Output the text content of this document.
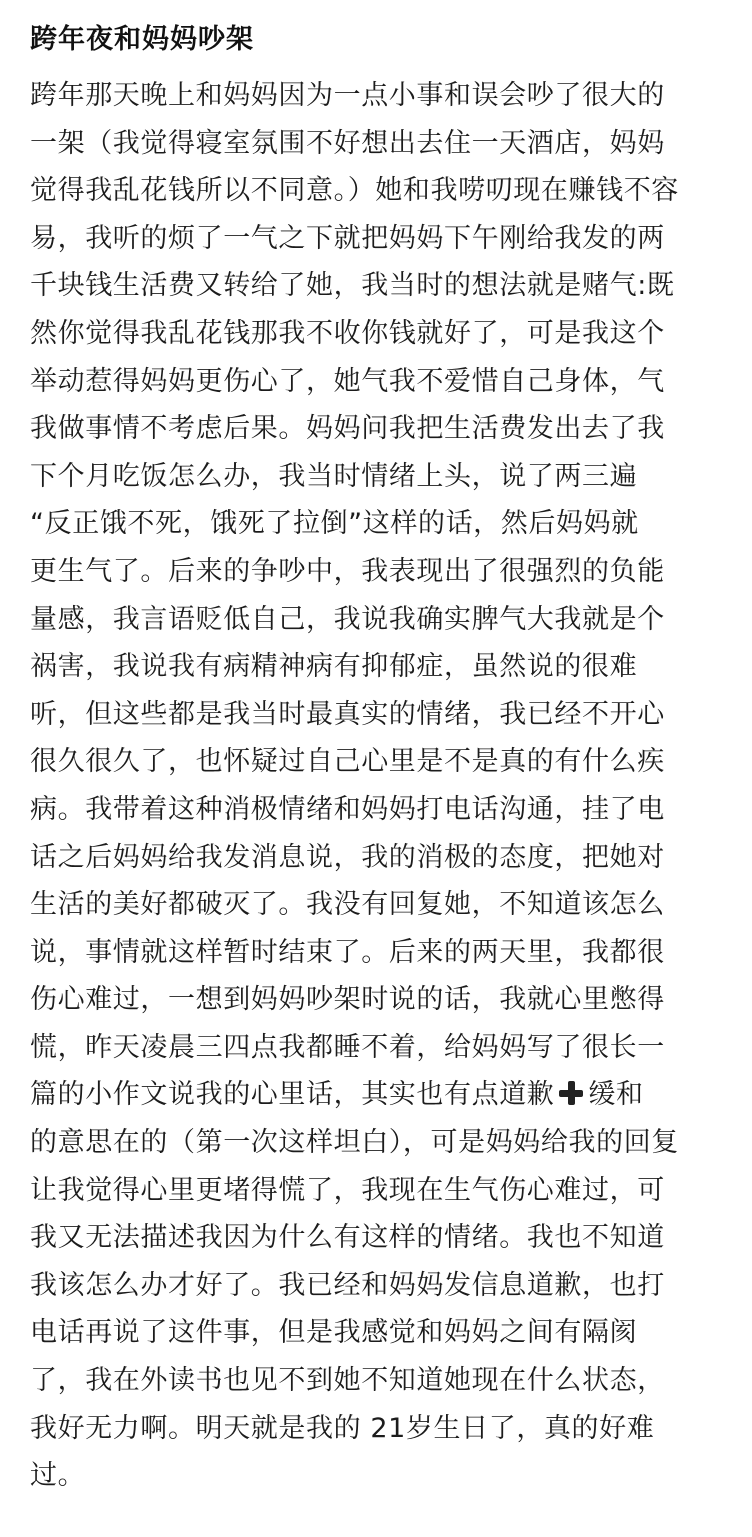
跨年夜和妈妈吵架
跨年那天晚上和妈妈因为一点小事和误会吵了很大的
一架（我觉得寝室氛围不好想出去住一天酒店，妈妈
觉得我乱花钱所以不同意。）她和我唠叨现在赚钱不容
易，我听的烦了一气之下就把妈妈下午刚给我发的两
千块钱生活费又转给了她，我当时的想法就是赌气:既
然你觉得我乱花钱那我不收你钱就好了，可是我这个
举动惹得妈妈更伤心了，她气我不爱惜自己身体，气
我做事情不考虑后果。妈妈问我把生活费发出去了我
下个月吃饭怎么办，我当时情绪上头，说了两三遍
“反正饿不死，饿死了拉倒”这样的话，然后妈妈就
更生气了。后来的争吵中，我表现出了很强烈的负能
量感，我言语贬低自己，我说我确实脾气大我就是个
祸害，我说我有病精神病有抑郁症，虽然说的很难
听，但这些都是我当时最真实的情绪，我已经不开心
很久很久了，也怀疑过自己心里是不是真的有什么疾
病。我带着这种消极情绪和妈妈打电话沟通，挂了电
话之后妈妈给我发消息说，我的消极的态度，把她对
生活的美好都破灭了。我没有回复她，不知道该怎么
说，事情就这样暂时结束了。后来的两天里，我都很
伤心难过，一想到妈妈吵架时说的话，我就心里憋得
慌，昨天凌晨三四点我都睡不着，给妈妈写了很长一
篇的小作文说我的心里话，其实也有点道歉 缓和
的意思在的（第一次这样坦白），可是妈妈给我的回复
让我觉得心里更堵得慌了，我现在生气伤心难过，可
我又无法描述我因为什么有这样的情绪。我也不知道
我该怎么办才好了。我已经和妈妈发信息道歉，也打
电话再说了这件事，但是我感觉和妈妈之间有隔阂
了，我在外读书也见不到她不知道她现在什么状态，
我好无力啊。明天就是我的 21岁生日了，真的好难
过。
